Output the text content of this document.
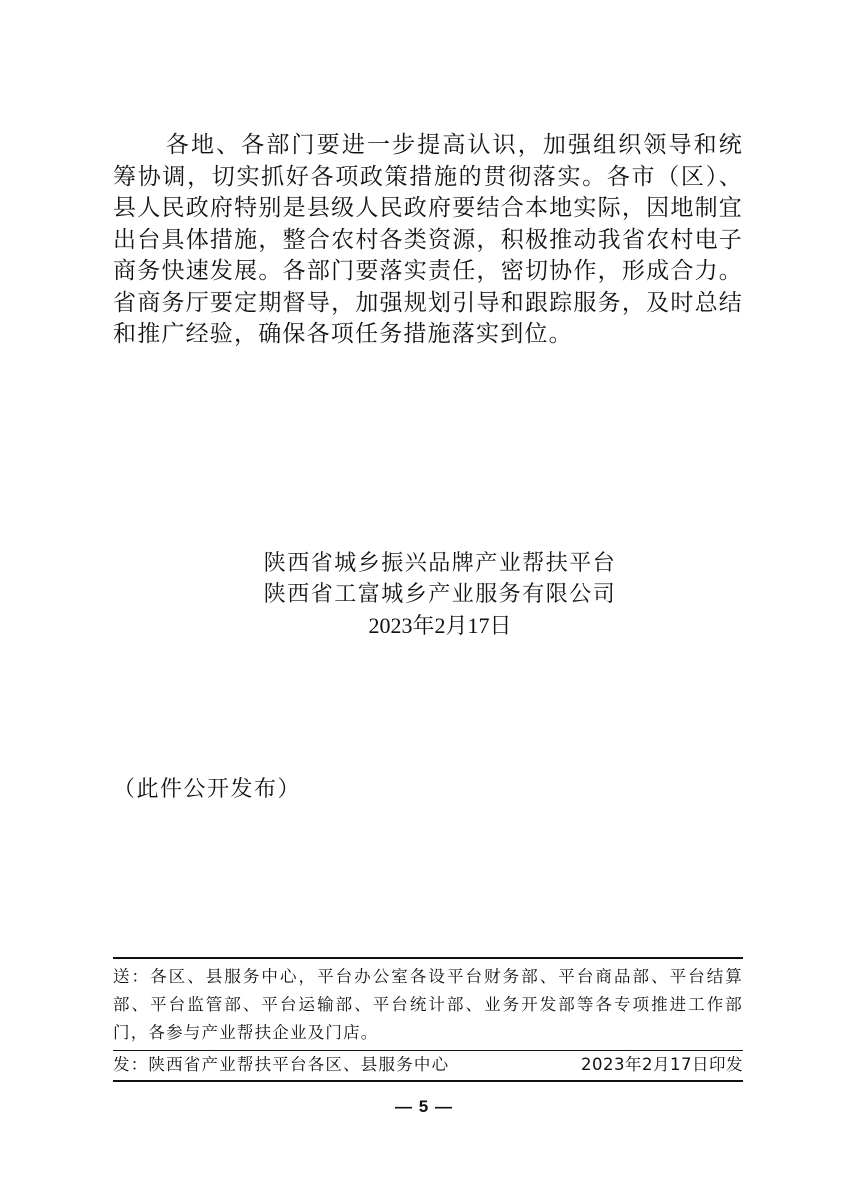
各地、各部门要进一步提高认识，加强组织领导和统筹协调，切实抓好各项政策措施的贯彻落实。各市（区）、县人民政府特别是县级人民政府要结合本地实际，因地制宜出台具体措施，整合农村各类资源，积极推动我省农村电子商务快速发展。各部门要落实责任，密切协作，形成合力。省商务厅要定期督导，加强规划引导和跟踪服务，及时总结和推广经验，确保各项任务措施落实到位。

陕西省城乡振兴品牌产业帮扶平台
陕西省工富城乡产业服务有限公司
2023年2月17日
（此件公开发布）
送：各区、县服务中心，平台办公室各设平台财务部、平台商品部、平台结算部、平台监管部、平台运输部、平台统计部、业务开发部等各专项推进工作部门，各参与产业帮扶企业及门店。
发：陕西省产业帮扶平台各区、县服务中心	2023年2月17日印发
— 5 —
